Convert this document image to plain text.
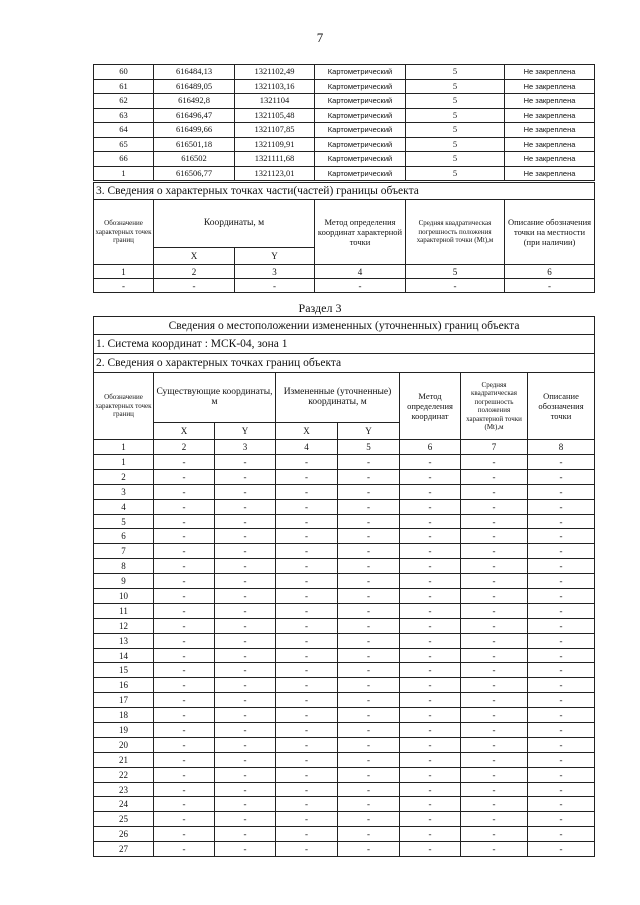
7
60	616484,13	1321102,49	Картометрический	5	Не закреплена
61	616489,05	1321103,16	Картометрический	5	Не закреплена
62	616492,8	1321104	Картометрический	5	Не закреплена
63	616496,47	1321105,48	Картометрический	5	Не закреплена
64	616499,66	1321107,85	Картометрический	5	Не закреплена
65	616501,18	1321109,91	Картометрический	5	Не закреплена
66	616502	1321111,68	Картометрический	5	Не закреплена
1	616506,77	1321123,01	Картометрический	5	Не закреплена
3. Сведения о характерных точках части(частей) границы объекта					
Обозначение характерных точек границ	Координаты, м		Метод определения координат характерной точки	Средняя квадратическая погрешность положения характерной точки (Mt),м	Описание обозначения точки на местности (при наличии)
	X	Y			
1	2	3	4	5	6
-	-	-	-	-	-
Раздел 3
Сведения о местоположении измененных (уточненных) границ объекта							
1. Система координат : МСК-04, зона 1							
2. Сведения о характерных точках границ объекта							
Обозначение характерных точек границ	Существующие координаты, м		Измененные (уточненные) координаты, м		Метод определения координат	Средняя квадратическая погрешность положения характерной точки (Mt),м	Описание обозначения точки
	X	Y	X	Y			
1	2	3	4	5	6	7	8
1	-	-	-	-	-	-	-
2	-	-	-	-	-	-	-
3	-	-	-	-	-	-	-
4	-	-	-	-	-	-	-
5	-	-	-	-	-	-	-
6	-	-	-	-	-	-	-
7	-	-	-	-	-	-	-
8	-	-	-	-	-	-	-
9	-	-	-	-	-	-	-
10	-	-	-	-	-	-	-
11	-	-	-	-	-	-	-
12	-	-	-	-	-	-	-
13	-	-	-	-	-	-	-
14	-	-	-	-	-	-	-
15	-	-	-	-	-	-	-
16	-	-	-	-	-	-	-
17	-	-	-	-	-	-	-
18	-	-	-	-	-	-	-
19	-	-	-	-	-	-	-
20	-	-	-	-	-	-	-
21	-	-	-	-	-	-	-
22	-	-	-	-	-	-	-
23	-	-	-	-	-	-	-
24	-	-	-	-	-	-	-
25	-	-	-	-	-	-	-
26	-	-	-	-	-	-	-
27	-	-	-	-	-	-	-
